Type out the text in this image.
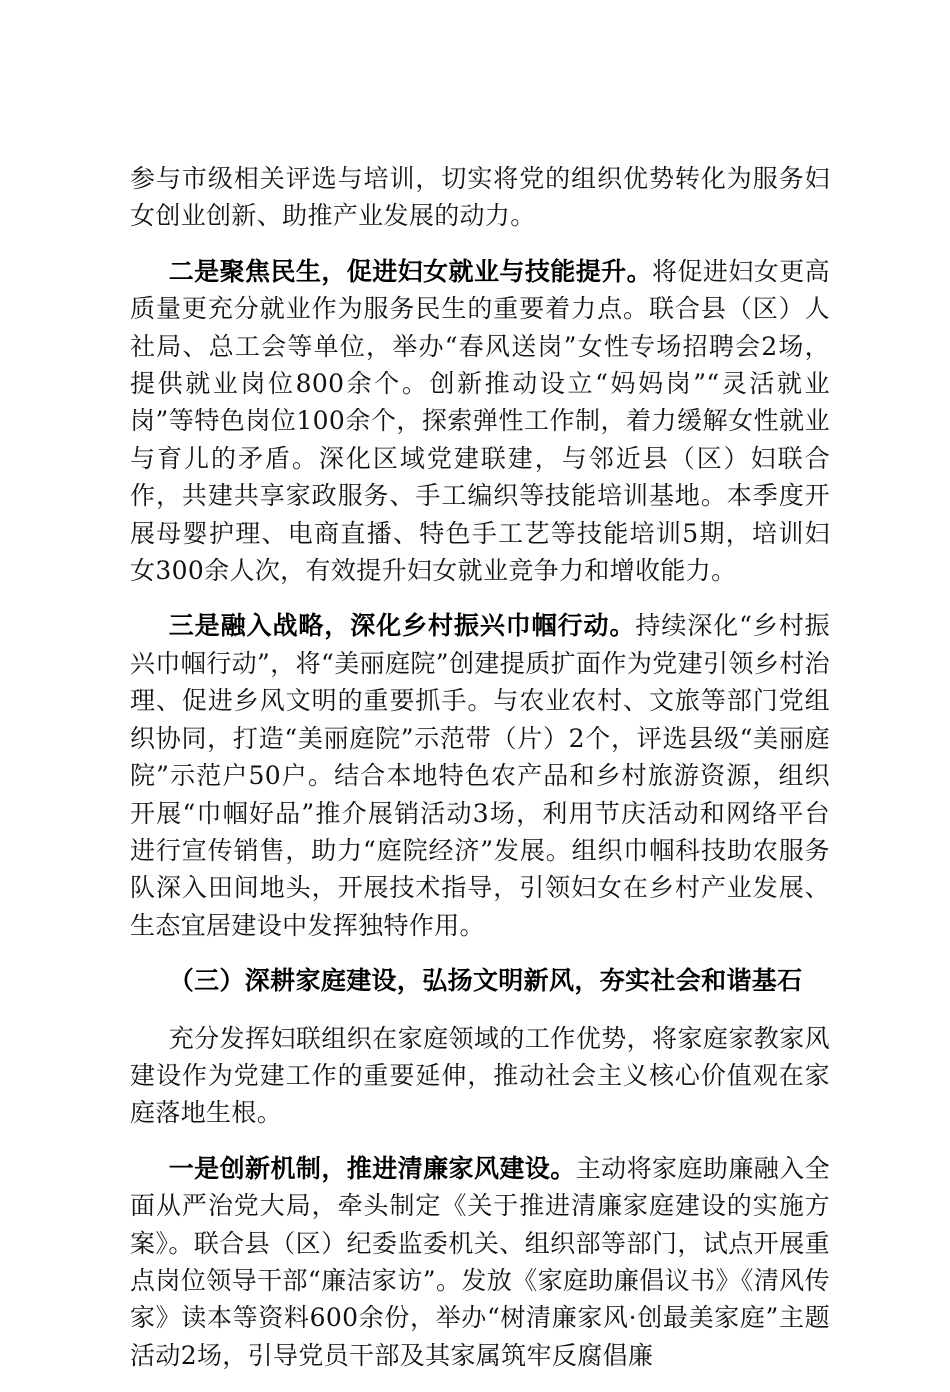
参与市级相关评选与培训，切实将党的组织优势转化为服务妇女创业创新、助推产业发展的动力。

二是聚焦民生，促进妇女就业与技能提升。将促进妇女更高质量更充分就业作为服务民生的重要着力点。联合县（区）人社局、总工会等单位，举办“春风送岗”女性专场招聘会2场，提供就业岗位800余个。创新推动设立“妈妈岗”“灵活就业岗”等特色岗位100余个，探索弹性工作制，着力缓解女性就业与育儿的矛盾。深化区域党建联建，与邻近县（区）妇联合作，共建共享家政服务、手工编织等技能培训基地。本季度开展母婴护理、电商直播、特色手工艺等技能培训5期，培训妇女300余人次，有效提升妇女就业竞争力和增收能力。

三是融入战略，深化乡村振兴巾帼行动。持续深化“乡村振兴巾帼行动”，将“美丽庭院”创建提质扩面作为党建引领乡村治理、促进乡风文明的重要抓手。与农业农村、文旅等部门党组织协同，打造“美丽庭院”示范带（片）2个，评选县级“美丽庭院”示范户50户。结合本地特色农产品和乡村旅游资源，组织开展“巾帼好品”推介展销活动3场，利用节庆活动和网络平台进行宣传销售，助力“庭院经济”发展。组织巾帼科技助农服务队深入田间地头，开展技术指导，引领妇女在乡村产业发展、生态宜居建设中发挥独特作用。

（三）深耕家庭建设，弘扬文明新风，夯实社会和谐基石

充分发挥妇联组织在家庭领域的工作优势，将家庭家教家风建设作为党建工作的重要延伸，推动社会主义核心价值观在家庭落地生根。

一是创新机制，推进清廉家风建设。主动将家庭助廉融入全面从严治党大局，牵头制定《关于推进清廉家庭建设的实施方案》。联合县（区）纪委监委机关、组织部等部门，试点开展重点岗位领导干部“廉洁家访”。发放《家庭助廉倡议书》《清风传家》读本等资料600余份，举办“树清廉家风·创最美家庭”主题活动2场，引导党员干部及其家属筑牢反腐倡廉
